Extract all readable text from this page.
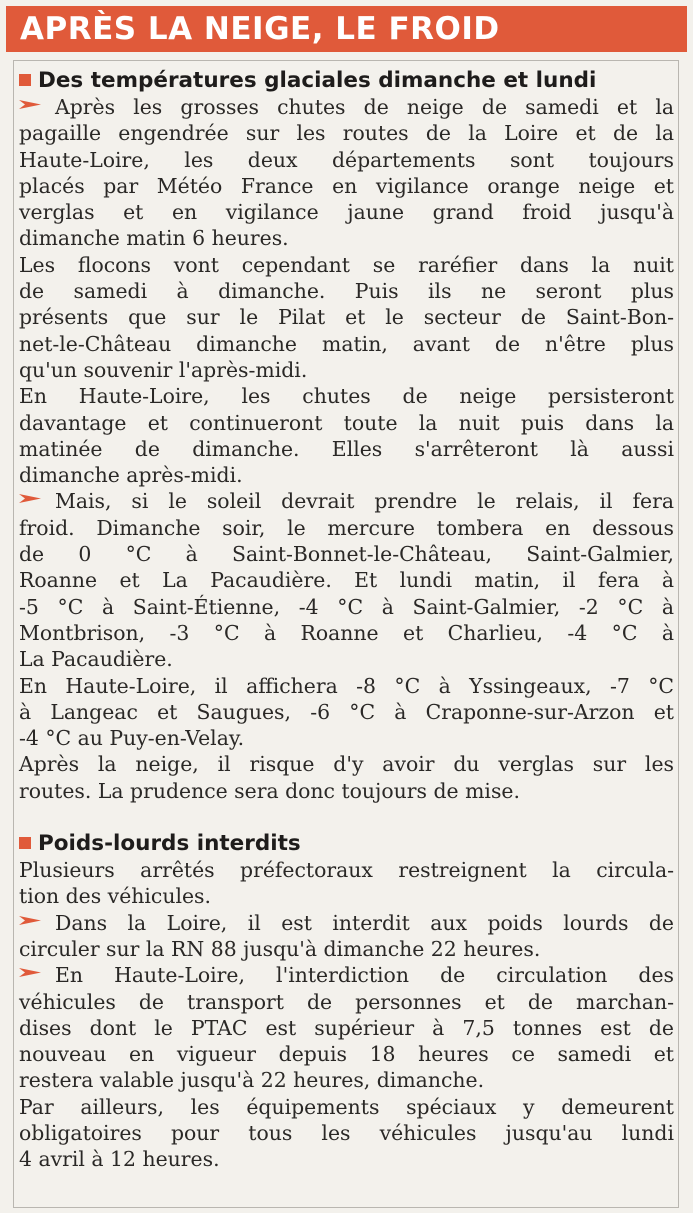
APRÈS LA NEIGE, LE FROID
Des températures glaciales dimanche et lundi
Après les grosses chutes de neige de samedi et la
pagaille engendrée sur les routes de la Loire et de la
Haute-Loire, les deux départements sont toujours
placés par Météo France en vigilance orange neige et
verglas et en vigilance jaune grand froid jusqu'à
dimanche matin 6 heures.
Les flocons vont cependant se raréfier dans la nuit
de samedi à dimanche. Puis ils ne seront plus
présents que sur le Pilat et le secteur de Saint-Bon-
net-le-Château dimanche matin, avant de n'être plus
qu'un souvenir l'après-midi.
En Haute-Loire, les chutes de neige persisteront
davantage et continueront toute la nuit puis dans la
matinée de dimanche. Elles s'arrêteront là aussi
dimanche après-midi.
Mais, si le soleil devrait prendre le relais, il fera
froid. Dimanche soir, le mercure tombera en dessous
de 0 °C à Saint-Bonnet-le-Château, Saint-Galmier,
Roanne et La Pacaudière. Et lundi matin, il fera à
-5 °C à Saint-Étienne, -4 °C à Saint-Galmier, -2 °C à
Montbrison, -3 °C à Roanne et Charlieu, -4 °C à
La Pacaudière.
En Haute-Loire, il affichera -8 °C à Yssingeaux, -7 °C
à Langeac et Saugues, -6 °C à Craponne-sur-Arzon et
-4 °C au Puy-en-Velay.
Après la neige, il risque d'y avoir du verglas sur les
routes. La prudence sera donc toujours de mise.
Poids-lourds interdits
Plusieurs arrêtés préfectoraux restreignent la circula-
tion des véhicules.
Dans la Loire, il est interdit aux poids lourds de
circuler sur la RN 88 jusqu'à dimanche 22 heures.
En Haute-Loire, l'interdiction de circulation des
véhicules de transport de personnes et de marchan-
dises dont le PTAC est supérieur à 7,5 tonnes est de
nouveau en vigueur depuis 18 heures ce samedi et
restera valable jusqu'à 22 heures, dimanche.
Par ailleurs, les équipements spéciaux y demeurent
obligatoires pour tous les véhicules jusqu'au lundi
4 avril à 12 heures.
